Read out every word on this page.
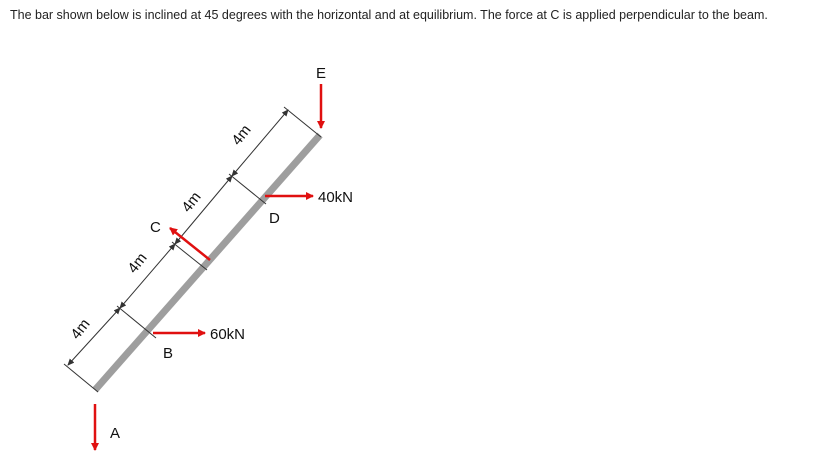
The bar shown below is inclined at 45 degrees with the horizontal and at equilibrium. The force at C is applied perpendicular to the beam.
4m
4m
4m
4m
A
B
60kN
C
D
40kN
E
